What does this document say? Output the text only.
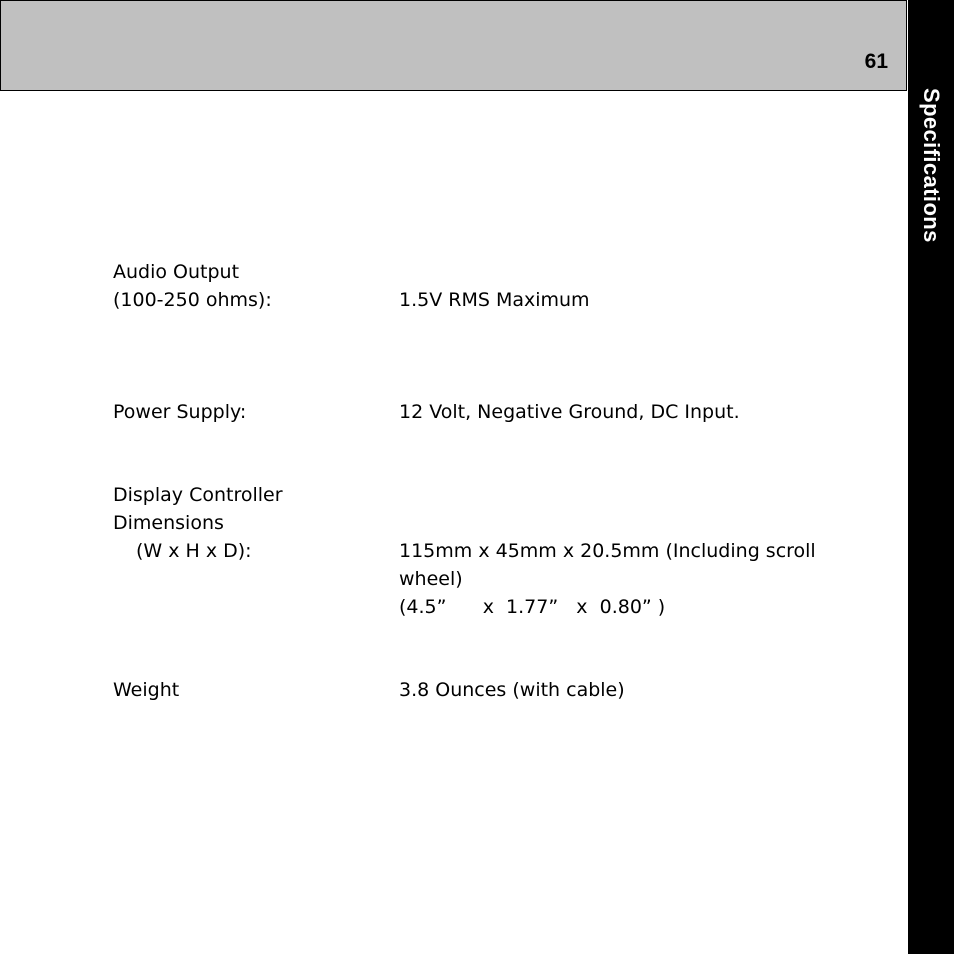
61
Specifications
Audio Output
(100-250 ohms):	1.5V RMS Maximum
Power Supply:	12 Volt, Negative Ground, DC Input.
Display Controller
Dimensions
(W x H x D):	115mm x 45mm x 20.5mm (Including scroll
wheel)
(4.5”      x  1.77”   x  0.80” )
Weight	3.8 Ounces (with cable)
